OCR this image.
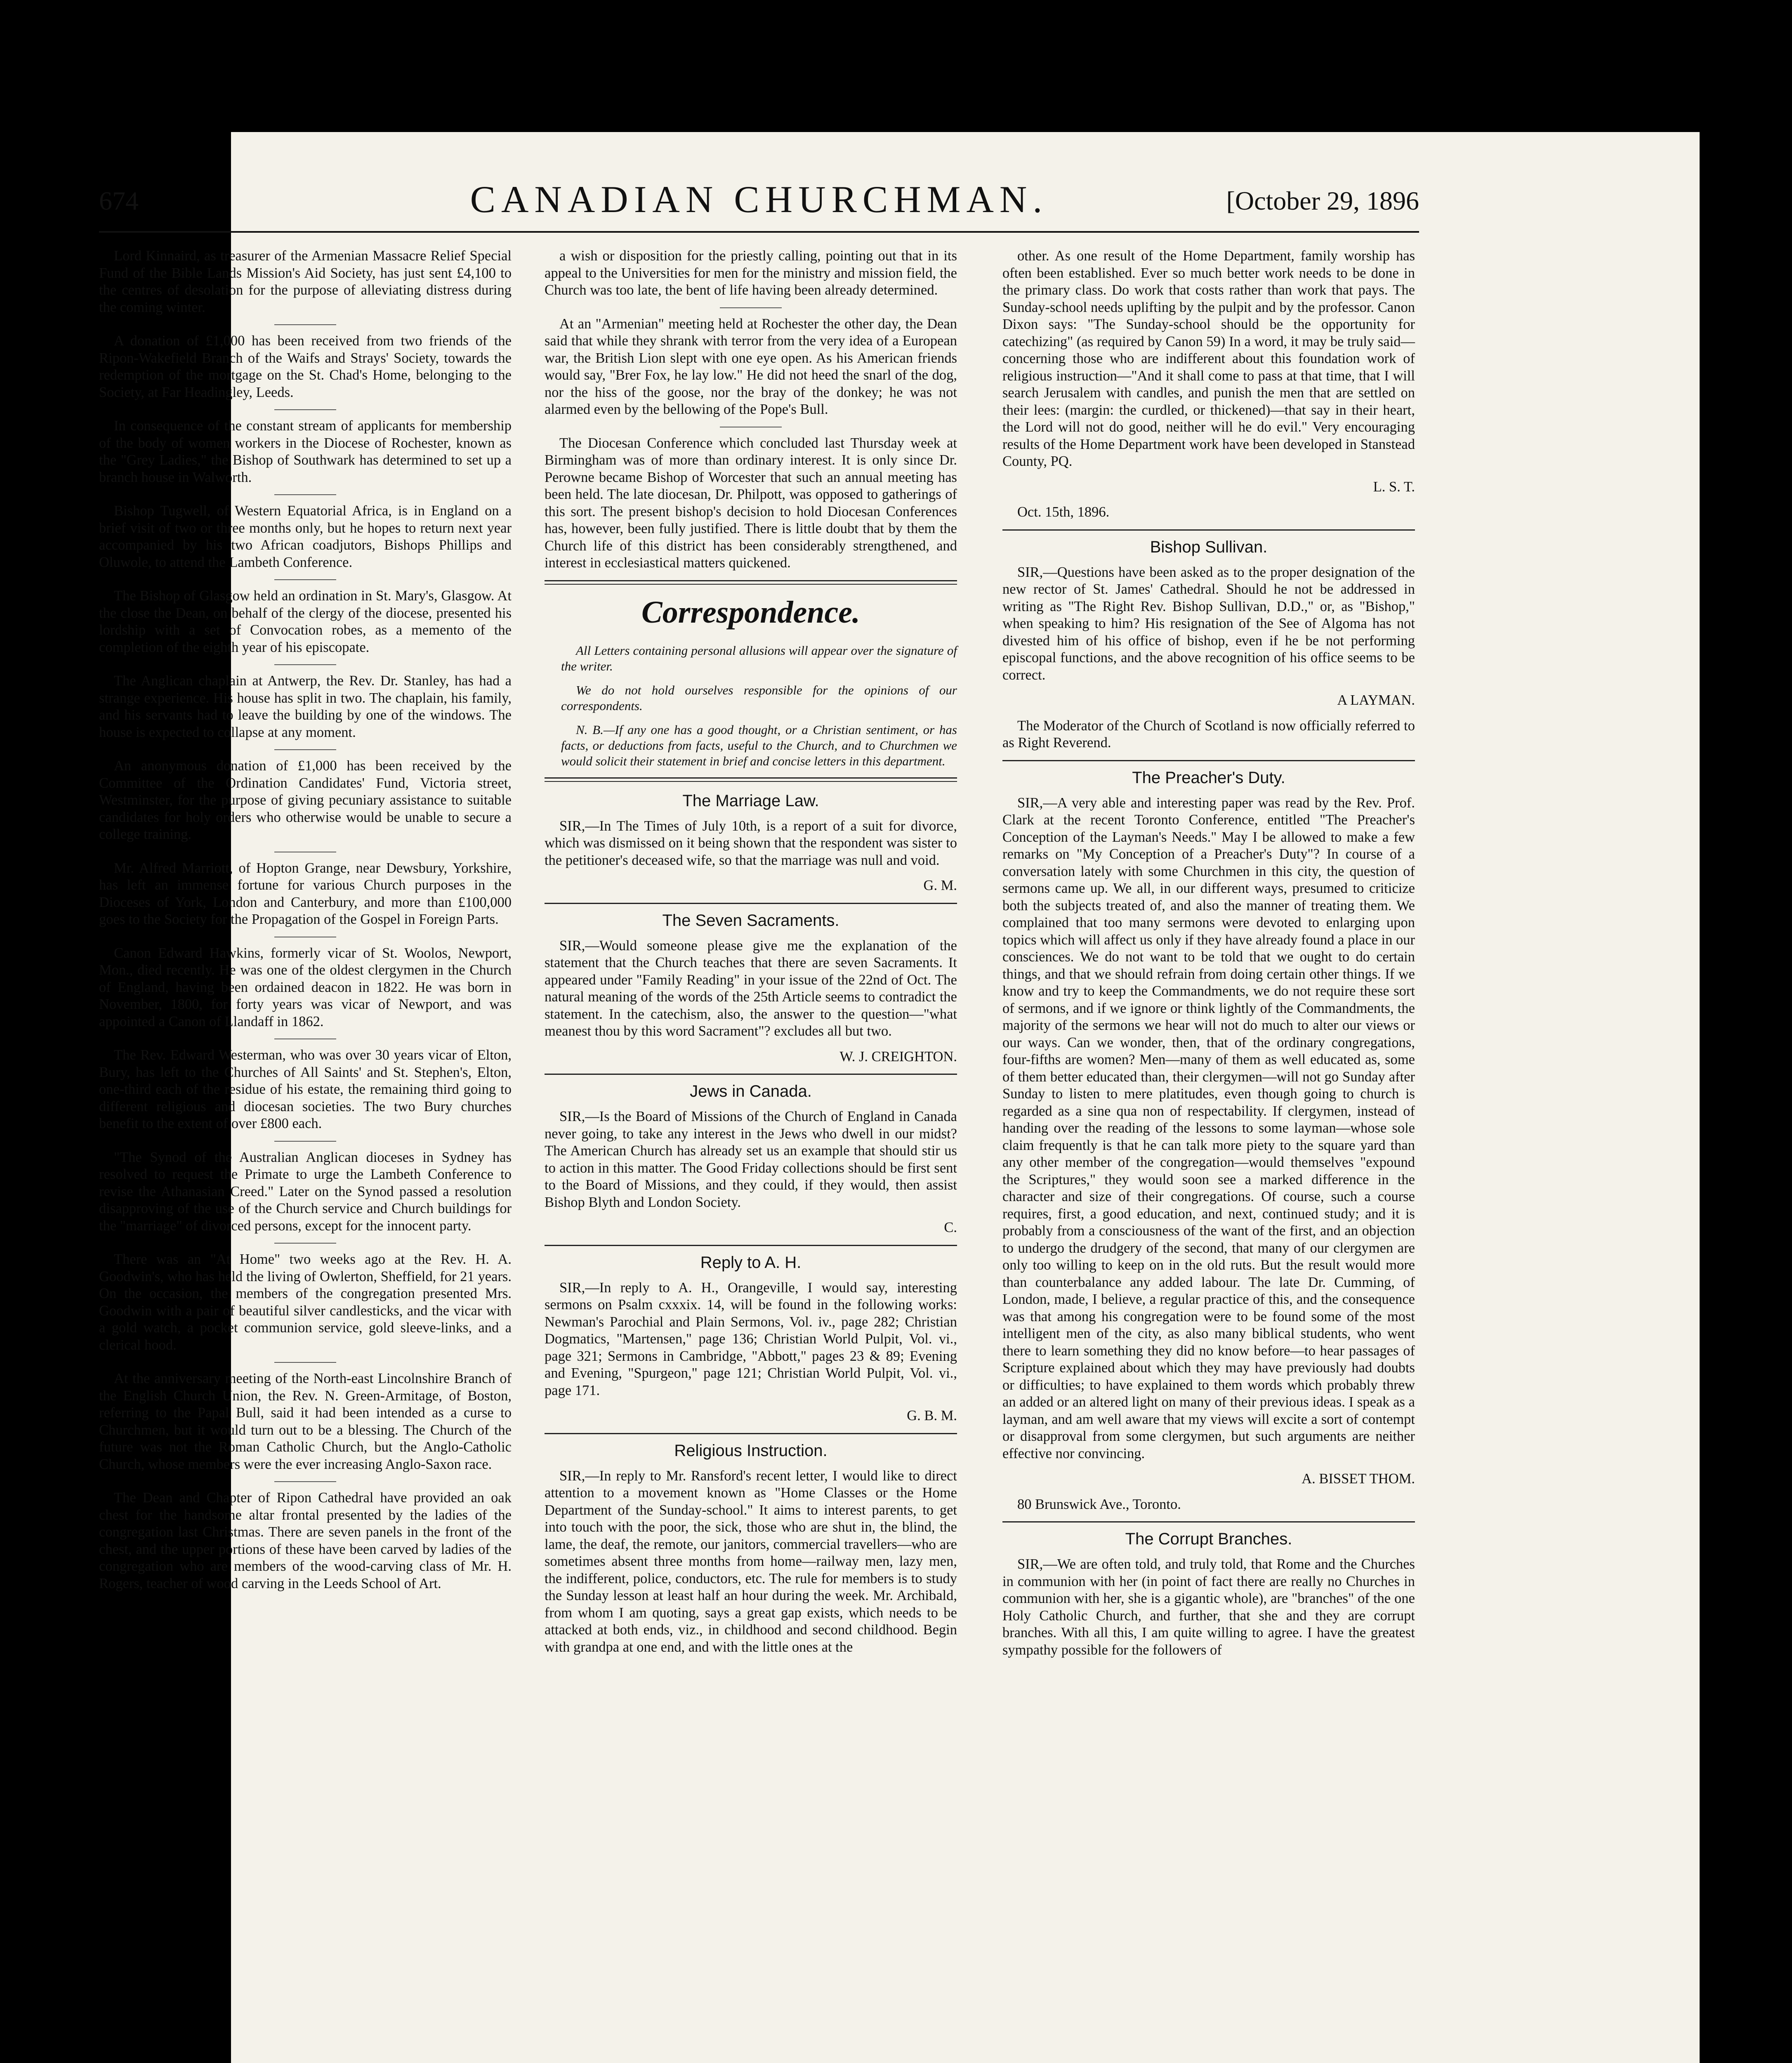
674	CANADIAN CHURCHMAN.	[October 29, 1896

Lord Kinnaird, as treasurer of the Armenian Massacre Relief Special Fund of the Bible Lands Mission's Aid Society, has just sent £4,100 to the centres of desolation for the purpose of alleviating distress during the coming winter.

A donation of £1,000 has been received from two friends of the Ripon-Wakefield Branch of the Waifs and Strays' Society, towards the redemption of the mortgage on the St. Chad's Home, belonging to the Society, at Far Headingley, Leeds.

In consequence of the constant stream of applicants for membership of the body of women workers in the Diocese of Rochester, known as the "Grey Ladies," the Bishop of Southwark has determined to set up a branch house in Walworth.

Bishop Tugwell, of Western Equatorial Africa, is in England on a brief visit of two or three months only, but he hopes to return next year accompanied by his two African coadjutors, Bishops Phillips and Oluwole, to attend the Lambeth Conference.

The Bishop of Glasgow held an ordination in St. Mary's, Glasgow. At the close the Dean, on behalf of the clergy of the diocese, presented his lordship with a set of Convocation robes, as a memento of the completion of the eighth year of his episcopate.

The Anglican chaplain at Antwerp, the Rev. Dr. Stanley, has had a strange experience. His house has split in two. The chaplain, his family, and his servants had to leave the building by one of the windows. The house is expected to collapse at any moment.

An anonymous donation of £1,000 has been received by the Committee of the Ordination Candidates' Fund, Victoria street, Westminster, for the purpose of giving pecuniary assistance to suitable candidates for holy orders who otherwise would be unable to secure a college training.

Mr. Alfred Marriott, of Hopton Grange, near Dewsbury, Yorkshire, has left an immense fortune for various Church purposes in the Dioceses of York, London and Canterbury, and more than £100,000 goes to the Society for the Propagation of the Gospel in Foreign Parts.

Canon Edward Hawkins, formerly vicar of St. Woolos, Newport, Mon., died recently. He was one of the oldest clergymen in the Church of England, having been ordained deacon in 1822. He was born in November, 1800, for forty years was vicar of Newport, and was appointed a Canon of Llandaff in 1862.

The Rev. Edward Westerman, who was over 30 years vicar of Elton, Bury, has left to the Churches of All Saints' and St. Stephen's, Elton, one-third each of the residue of his estate, the remaining third going to different religious and diocesan societies. The two Bury churches benefit to the extent of over £800 each.

"The Synod of the Australian Anglican dioceses in Sydney has resolved to request the Primate to urge the Lambeth Conference to revise the Athanasian Creed." Later on the Synod passed a resolution disapproving of the use of the Church service and Church buildings for the "marriage" of divorced persons, except for the innocent party.

There was an "At Home" two weeks ago at the Rev. H. A. Goodwin's, who has held the living of Owlerton, Sheffield, for 21 years. On the occasion, the members of the congregation presented Mrs. Goodwin with a pair of beautiful silver candlesticks, and the vicar with a gold watch, a pocket communion service, gold sleeve-links, and a clerical hood.

At the anniversary meeting of the North-east Lincolnshire Branch of the English Church Union, the Rev. N. Green-Armitage, of Boston, referring to the Papal Bull, said it had been intended as a curse to Churchmen, but it would turn out to be a blessing. The Church of the future was not the Roman Catholic Church, but the Anglo-Catholic Church, whose members were the ever increasing Anglo-Saxon race.

The Dean and Chapter of Ripon Cathedral have provided an oak chest for the handsome altar frontal presented by the ladies of the congregation last Christmas. There are seven panels in the front of the chest, and the upper portions of these have been carved by ladies of the congregation who are members of the wood-carving class of Mr. H. Rogers, teacher of wood carving in the Leeds School of Art.

a wish or disposition for the priestly calling, pointing out that in its appeal to the Universities for men for the ministry and mission field, the Church was too late, the bent of life having been already determined.

At an "Armenian" meeting held at Rochester the other day, the Dean said that while they shrank with terror from the very idea of a European war, the British Lion slept with one eye open. As his American friends would say, "Brer Fox, he lay low." He did not heed the snarl of the dog, nor the hiss of the goose, nor the bray of the donkey; he was not alarmed even by the bellowing of the Pope's Bull.

The Diocesan Conference which concluded last Thursday week at Birmingham was of more than ordinary interest. It is only since Dr. Perowne became Bishop of Worcester that such an annual meeting has been held. The late diocesan, Dr. Philpott, was opposed to gatherings of this sort. The present bishop's decision to hold Diocesan Conferences has, however, been fully justified. There is little doubt that by them the Church life of this district has been considerably strengthened, and interest in ecclesiastical matters quickened.

Correspondence.

All Letters containing personal allusions will appear over the signature of the writer.

We do not hold ourselves responsible for the opinions of our correspondents.

N. B.—If any one has a good thought, or a Christian sentiment, or has facts, or deductions from facts, useful to the Church, and to Churchmen we would solicit their statement in brief and concise letters in this department.

The Marriage Law.

SIR,—In The Times of July 10th, is a report of a suit for divorce, which was dismissed on it being shown that the respondent was sister to the petitioner's deceased wife, so that the marriage was null and void.

G. M.

The Seven Sacraments.

SIR,—Would someone please give me the explanation of the statement that the Church teaches that there are seven Sacraments. It appeared under "Family Reading" in your issue of the 22nd of Oct. The natural meaning of the words of the 25th Article seems to contradict the statement. In the catechism, also, the answer to the question—"what meanest thou by this word Sacrament"? excludes all but two.

W. J. CREIGHTON.

Jews in Canada.

SIR,—Is the Board of Missions of the Church of England in Canada never going, to take any interest in the Jews who dwell in our midst? The American Church has already set us an example that should stir us to action in this matter. The Good Friday collections should be first sent to the Board of Missions, and they could, if they would, then assist Bishop Blyth and London Society.

C.

Reply to A. H.

SIR,—In reply to A. H., Orangeville, I would say, interesting sermons on Psalm cxxxix. 14, will be found in the following works: Newman's Parochial and Plain Sermons, Vol. iv., page 282; Christian Dogmatics, "Martensen," page 136; Christian World Pulpit, Vol. vi., page 321; Sermons in Cambridge, "Abbott," pages 23 & 89; Evening and Evening, "Spurgeon," page 121; Christian World Pulpit, Vol. vi., page 171.

G. B. M.

Religious Instruction.

SIR,—In reply to Mr. Ransford's recent letter, I would like to direct attention to a movement known as "Home Classes or the Home Department of the Sunday-school." It aims to interest parents, to get into touch with the poor, the sick, those who are shut in, the blind, the lame, the deaf, the remote, our janitors, commercial travellers—who are sometimes absent three months from home—railway men, lazy men, the indifferent, police, conductors, etc. The rule for members is to study the Sunday lesson at least half an hour during the week. Mr. Archibald, from whom I am quoting, says a great gap exists, which needs to be attacked at both ends, viz., in childhood and second childhood. Begin with grandpa at one end, and with the little ones at the

other. As one result of the Home Department, family worship has often been established. Ever so much better work needs to be done in the primary class. Do work that costs rather than work that pays. The Sunday-school needs uplifting by the pulpit and by the professor. Canon Dixon says: "The Sunday-school should be the opportunity for catechizing" (as required by Canon 59) In a word, it may be truly said—concerning those who are indifferent about this foundation work of religious instruction—"And it shall come to pass at that time, that I will search Jerusalem with candles, and punish the men that are settled on their lees: (margin: the curdled, or thickened)—that say in their heart, the Lord will not do good, neither will he do evil." Very encouraging results of the Home Department work have been developed in Stanstead County, PQ.

L. S. T.

Oct. 15th, 1896.

Bishop Sullivan.

SIR,—Questions have been asked as to the proper designation of the new rector of St. James' Cathedral. Should he not be addressed in writing as "The Right Rev. Bishop Sullivan, D.D.," or, as "Bishop," when speaking to him? His resignation of the See of Algoma has not divested him of his office of bishop, even if he be not performing episcopal functions, and the above recognition of his office seems to be correct.

A LAYMAN.

The Moderator of the Church of Scotland is now officially referred to as Right Reverend.

The Preacher's Duty.

SIR,—A very able and interesting paper was read by the Rev. Prof. Clark at the recent Toronto Conference, entitled "The Preacher's Conception of the Layman's Needs." May I be allowed to make a few remarks on "My Conception of a Preacher's Duty"? In course of a conversation lately with some Churchmen in this city, the question of sermons came up. We all, in our different ways, presumed to criticize both the subjects treated of, and also the manner of treating them. We complained that too many sermons were devoted to enlarging upon topics which will affect us only if they have already found a place in our consciences. We do not want to be told that we ought to do certain things, and that we should refrain from doing certain other things. If we know and try to keep the Commandments, we do not require these sort of sermons, and if we ignore or think lightly of the Commandments, the majority of the sermons we hear will not do much to alter our views or our ways. Can we wonder, then, that of the ordinary congregations, four-fifths are women? Men—many of them as well educated as, some of them better educated than, their clergymen—will not go Sunday after Sunday to listen to mere platitudes, even though going to church is regarded as a sine qua non of respectability. If clergymen, instead of handing over the reading of the lessons to some layman—whose sole claim frequently is that he can talk more piety to the square yard than any other member of the congregation—would themselves "expound the Scriptures," they would soon see a marked difference in the character and size of their congregations. Of course, such a course requires, first, a good education, and next, continued study; and it is probably from a consciousness of the want of the first, and an objection to undergo the drudgery of the second, that many of our clergymen are only too willing to keep on in the old ruts. But the result would more than counterbalance any added labour. The late Dr. Cumming, of London, made, I believe, a regular practice of this, and the consequence was that among his congregation were to be found some of the most intelligent men of the city, as also many biblical students, who went there to learn something they did no know before—to hear passages of Scripture explained about which they may have previously had doubts or difficulties; to have explained to them words which probably threw an added or an altered light on many of their previous ideas. I speak as a layman, and am well aware that my views will excite a sort of contempt or disapproval from some clergymen, but such arguments are neither effective nor convincing.

A. BISSET THOM.

80 Brunswick Ave., Toronto.

The Corrupt Branches.

SIR,—We are often told, and truly told, that Rome and the Churches in communion with her (in point of fact there are really no Churches in communion with her, she is a gigantic whole), are "branches" of the one Holy Catholic Church, and further, that she and they are corrupt branches. With all this, I am quite willing to agree. I have the greatest sympathy possible for the followers of
